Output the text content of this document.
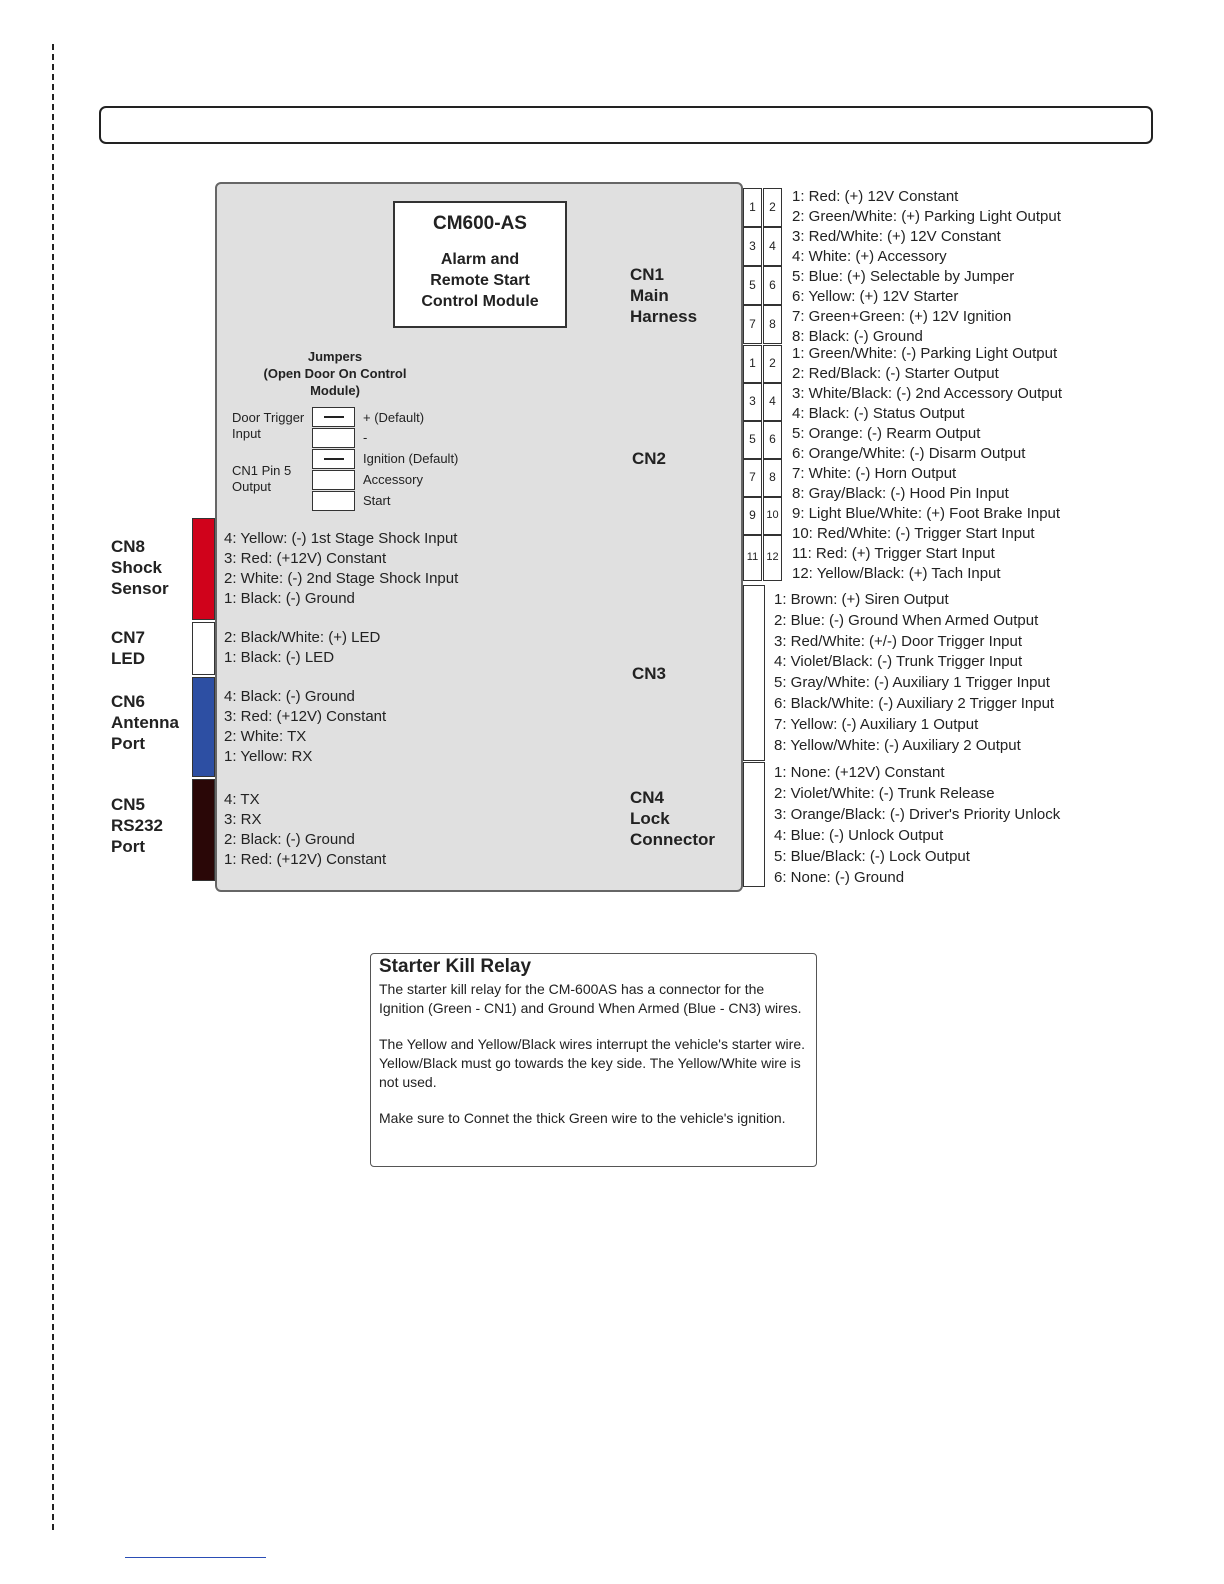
CM600-AS
Alarm and
Remote Start
Control Module
Jumpers
(Open Door On Control
Module)
Door Trigger
Input
CN1 Pin 5
Output
+ (Default)
-
Ignition (Default)
Accessory
Start
CN1
Main
Harness
CN2
CN3
CN4
Lock
Connector
CN8
Shock
Sensor
CN7
LED
CN6
Antenna
Port
CN5
RS232
Port
4: Yellow: (-) 1st Stage Shock Input
3: Red: (+12V) Constant
2: White: (-) 2nd Stage Shock Input
1: Black: (-) Ground
2: Black/White: (+) LED
1: Black: (-) LED
4: Black: (-) Ground
3: Red: (+12V) Constant
2: White: TX
1: Yellow: RX
4: TX
3: RX
2: Black: (-) Ground
1: Red: (+12V) Constant
1	2
3	4
5	6
7	8
1	2
3	4
5	6
7	8
9 10
11 12
1: Red: (+) 12V Constant
2: Green/White: (+) Parking Light Output
3: Red/White: (+) 12V Constant
4: White: (+) Accessory
5: Blue: (+) Selectable by Jumper
6: Yellow: (+) 12V Starter
7: Green+Green: (+) 12V Ignition
8: Black: (-) Ground
1: Green/White: (-) Parking Light Output
2: Red/Black: (-) Starter Output
3: White/Black: (-) 2nd Accessory Output
4: Black: (-) Status Output
5: Orange: (-) Rearm Output
6: Orange/White: (-) Disarm Output
7: White: (-) Horn Output
8: Gray/Black: (-) Hood Pin Input
9: Light Blue/White: (+) Foot Brake Input
10: Red/White: (-) Trigger Start Input
11: Red: (+) Trigger Start Input
12: Yellow/Black: (+) Tach Input
1: Brown: (+) Siren Output
2: Blue: (-) Ground When Armed Output
3: Red/White: (+/-) Door Trigger Input
4: Violet/Black: (-) Trunk Trigger Input
5: Gray/White: (-) Auxiliary 1 Trigger Input
6: Black/White: (-) Auxiliary 2 Trigger Input
7: Yellow: (-) Auxiliary 1 Output
8: Yellow/White: (-) Auxiliary 2 Output
1: None: (+12V) Constant
2: Violet/White: (-) Trunk Release
3: Orange/Black: (-) Driver's Priority Unlock
4: Blue: (-) Unlock Output
5: Blue/Black: (-) Lock Output
6: None: (-) Ground
Starter Kill Relay

The starter kill relay for the CM-600AS has a connector for the Ignition (Green - CN1) and Ground When Armed (Blue - CN3) wires.

The Yellow and Yellow/Black wires interrupt the vehicle's starter wire. Yellow/Black must go towards the key side. The Yellow/White wire is not used.

Make sure to Connet the thick Green wire to the vehicle's ignition.
